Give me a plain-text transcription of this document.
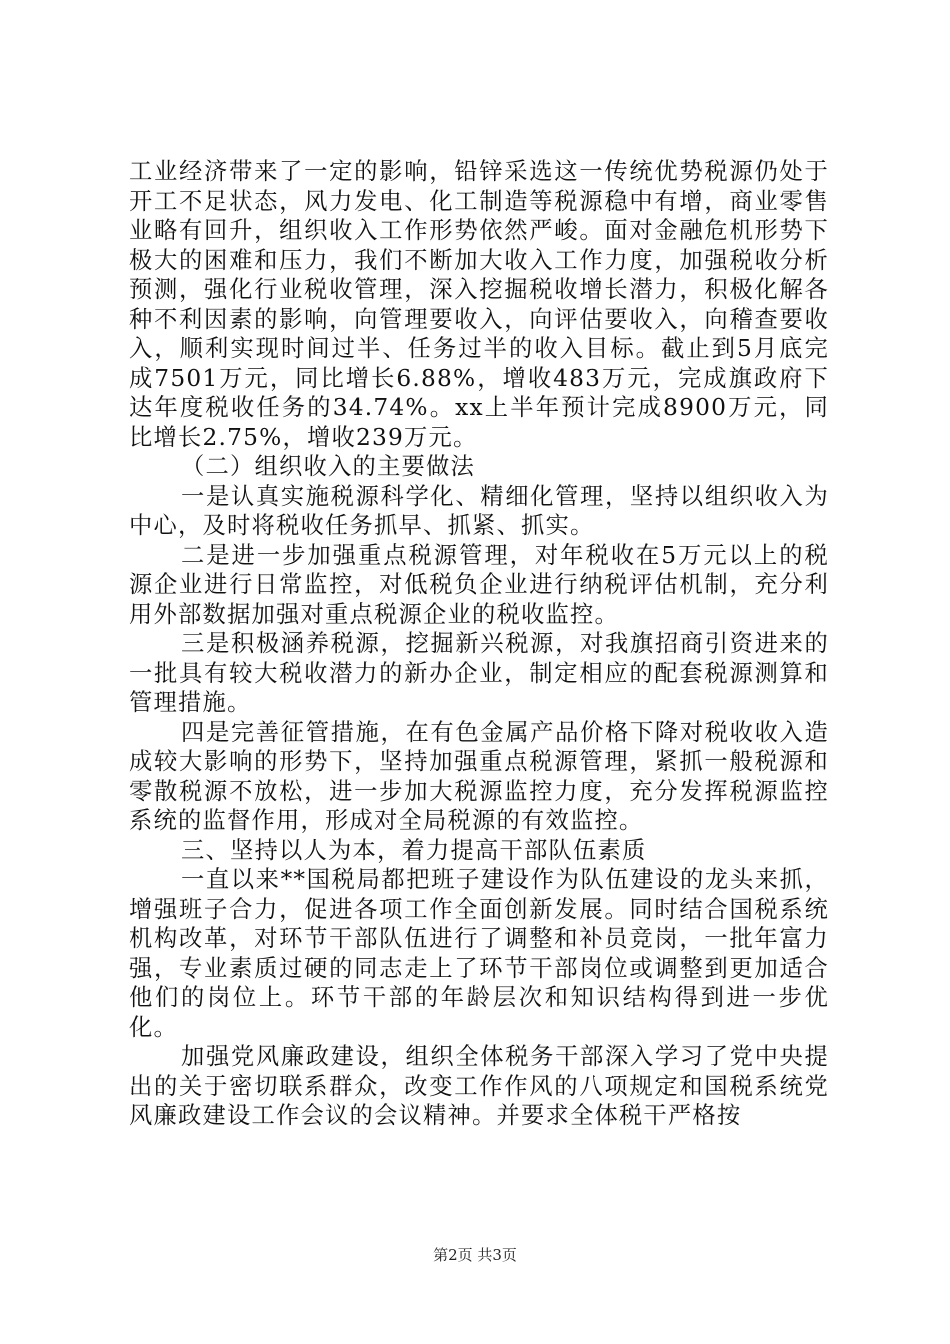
工业经济带来了一定的影响，铅锌采选这一传统优势税源仍处于开工不足状态，风力发电、化工制造等税源稳中有增，商业零售业略有回升，组织收入工作形势依然严峻。面对金融危机形势下极大的困难和压力，我们不断加大收入工作力度，加强税收分析预测，强化行业税收管理，深入挖掘税收增长潜力，积极化解各种不利因素的影响，向管理要收入，向评估要收入，向稽查要收入，顺利实现时间过半、任务过半的收入目标。截止到5月底完成7501万元，同比增长6.88%，增收483万元，完成旗政府下达年度税收任务的34.74%。xx上半年预计完成8900万元，同比增长2.75%，增收239万元。

（二）组织收入的主要做法

一是认真实施税源科学化、精细化管理，坚持以组织收入为中心，及时将税收任务抓早、抓紧、抓实。

二是进一步加强重点税源管理，对年税收在5万元以上的税源企业进行日常监控，对低税负企业进行纳税评估机制，充分利用外部数据加强对重点税源企业的税收监控。

三是积极涵养税源，挖掘新兴税源，对我旗招商引资进来的一批具有较大税收潜力的新办企业，制定相应的配套税源测算和管理措施。

四是完善征管措施，在有色金属产品价格下降对税收收入造成较大影响的形势下，坚持加强重点税源管理，紧抓一般税源和零散税源不放松，进一步加大税源监控力度，充分发挥税源监控系统的监督作用，形成对全局税源的有效监控。

三、坚持以人为本，着力提高干部队伍素质

一直以来**国税局都把班子建设作为队伍建设的龙头来抓，增强班子合力，促进各项工作全面创新发展。同时结合国税系统机构改革，对环节干部队伍进行了调整和补员竞岗，一批年富力强，专业素质过硬的同志走上了环节干部岗位或调整到更加适合他们的岗位上。环节干部的年龄层次和知识结构得到进一步优化。

加强党风廉政建设，组织全体税务干部深入学习了党中央提出的关于密切联系群众，改变工作作风的八项规定和国税系统党风廉政建设工作会议的会议精神。并要求全体税干严格按

第2页 共3页
